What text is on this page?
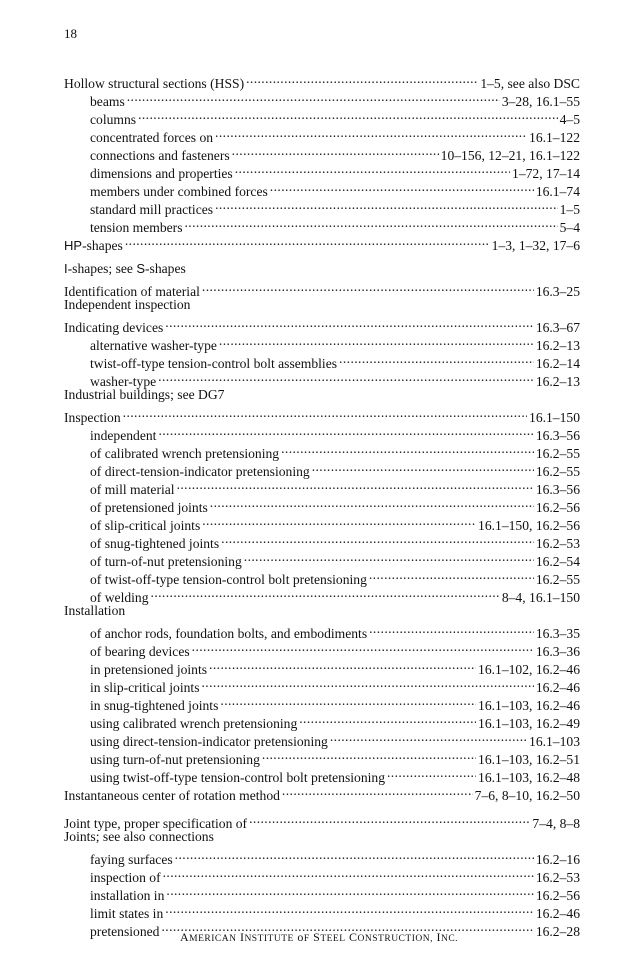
18
Hollow structural sections (HSS) . . .	1–5, see also DSC
beams . . .	3–28, 16.1–55
columns . . .	4–5
concentrated forces on . . .	16.1–122
connections and fasteners . . .	10–156, 12–21, 16.1–122
dimensions and properties . . .	1–72, 17–14
members under combined forces . . .	16.1–74
standard mill practices . . .	1–5
tension members . . .	5–4
HP-shapes . . .	1–3, 1–32, 17–6
I-shapes; see S-shapes
Identification of material . . .	16.3–25
Independent inspection
Indicating devices . . .	16.3–67
alternative washer-type . . .	16.2–13
twist-off-type tension-control bolt assemblies . . .	16.2–14
washer-type . . .	16.2–13
Industrial buildings; see DG7
Inspection . . .	16.1–150
independent . . .	16.3–56
of calibrated wrench pretensioning . . .	16.2–55
of direct-tension-indicator pretensioning . . .	16.2–55
of mill material . . .	16.3–56
of pretensioned joints . . .	16.2–56
of slip-critical joints . . .	16.1–150, 16.2–56
of snug-tightened joints . . .	16.2–53
of turn-of-nut pretensioning . . .	16.2–54
of twist-off-type tension-control bolt pretensioning . . .	16.2–55
of welding . . .	8–4, 16.1–150
Installation
of anchor rods, foundation bolts, and embodiments . . .	16.3–35
of bearing devices . . .	16.3–36
in pretensioned joints . . .	16.1–102, 16.2–46
in slip-critical joints . . .	16.2–46
in snug-tightened joints . . .	16.1–103, 16.2–46
using calibrated wrench pretensioning . . .	16.1–103, 16.2–49
using direct-tension-indicator pretensioning . . .	16.1–103
using turn-of-nut pretensioning . . .	16.1–103, 16.2–51
using twist-off-type tension-control bolt pretensioning . . .	16.1–103, 16.2–48
Instantaneous center of rotation method . . .	7–6, 8–10, 16.2–50
Joint type, proper specification of . . .	7–4, 8–8
Joints; see also connections
faying surfaces . . .	16.2–16
inspection of . . .	16.2–53
installation in . . .	16.2–56
limit states in . . .	16.2–46
pretensioned . . .	16.2–28
AMERICAN INSTITUTE oF STEEL CONSTRUCTION, INC.
